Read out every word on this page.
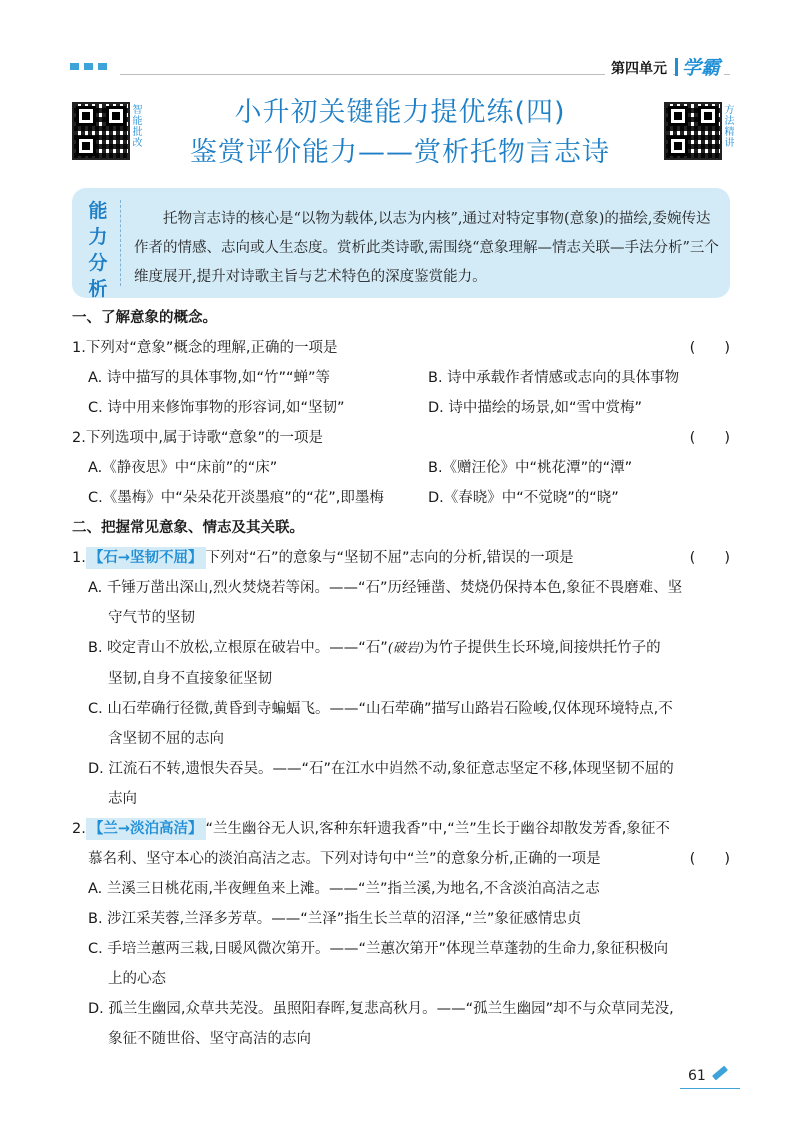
第四单元 学霸
智能批改	方法精讲
小升初关键能力提优练(四)
鉴赏评价能力——赏析托物言志诗
能力分析
托物言志诗的核心是“以物为载体,以志为内核”,通过对特定事物(意象)的描绘,委婉传达作者的情感、志向或人生态度。赏析此类诗歌,需围绕“意象理解—情志关联—手法分析”三个维度展开,提升对诗歌主旨与艺术特色的深度鉴赏能力。
一、了解意象的概念。
1. 下列对“意象”概念的理解,正确的一项是	(　　)
A. 诗中描写的具体事物,如“竹”“蝉”等	B. 诗中承载作者情感或志向的具体事物
C. 诗中用来修饰事物的形容词,如“坚韧”	D. 诗中描绘的场景,如“雪中赏梅”
2. 下列选项中,属于诗歌“意象”的一项是	(　　)
A.《静夜思》中“床前”的“床”	B.《赠汪伦》中“桃花潭”的“潭”
C.《墨梅》中“朵朵花开淡墨痕”的“花”,即墨梅	D.《春晓》中“不觉晓”的“晓”
二、把握常见意象、情志及其关联。
1. 【石→坚韧不屈】 下列对“石”的意象与“坚韧不屈”志向的分析,错误的一项是	(　　)
A. 千锤万凿出深山,烈火焚烧若等闲。——“石”历经锤凿、焚烧仍保持本色,象征不畏磨难、坚
守气节的坚韧
B. 咬定青山不放松,立根原在破岩中。——“石”(破岩)为竹子提供生长环境,间接烘托竹子的
坚韧,自身不直接象征坚韧
C. 山石荦确行径微,黄昏到寺蝙蝠飞。——“山石荦确”描写山路岩石险峻,仅体现环境特点,不
含坚韧不屈的志向
D. 江流石不转,遗恨失吞吴。——“石”在江水中岿然不动,象征意志坚定不移,体现坚韧不屈的
志向
2. 【兰→淡泊高洁】 “兰生幽谷无人识,客种东轩遗我香”中,“兰”生长于幽谷却散发芳香,象征不
慕名利、坚守本心的淡泊高洁之志。下列对诗句中“兰”的意象分析,正确的一项是	(　　)
A. 兰溪三日桃花雨,半夜鲤鱼来上滩。——“兰”指兰溪,为地名,不含淡泊高洁之志
B. 涉江采芙蓉,兰泽多芳草。——“兰泽”指生长兰草的沼泽,“兰”象征感情忠贞
C. 手培兰蕙两三栽,日暖风微次第开。——“兰蕙次第开”体现兰草蓬勃的生命力,象征积极向
上的心态
D. 孤兰生幽园,众草共芜没。虽照阳春晖,复悲高秋月。——“孤兰生幽园”却不与众草同芜没,
象征不随世俗、坚守高洁的志向
61
